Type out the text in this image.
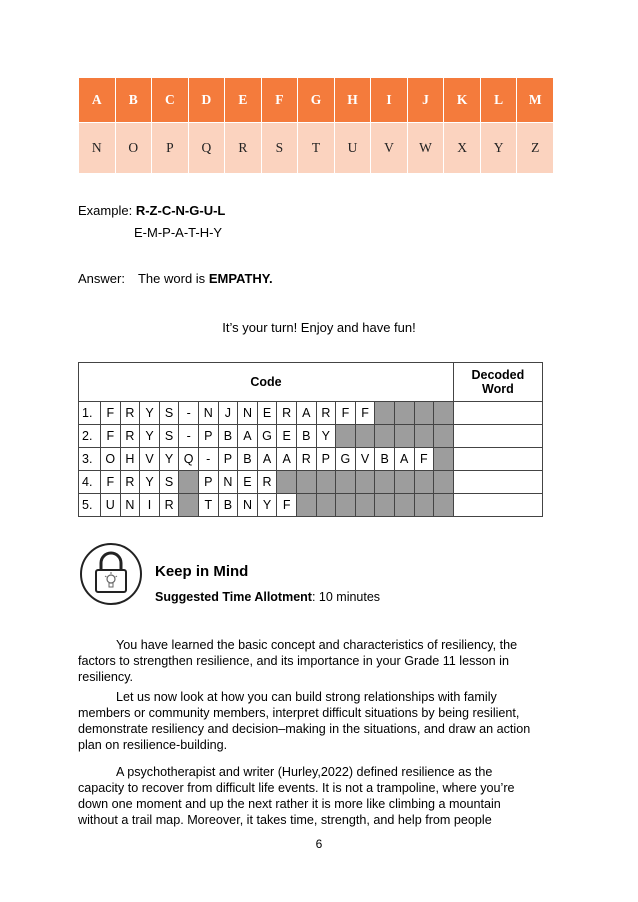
A	B	C	D	E	F	G	H	I	J	K	L	M
N	O	P	Q	R	S	T	U	V	W	X	Y	Z
Example: R-Z-C-N-G-U-L
E-M-P-A-T-H-Y
Answer: The word is EMPATHY.
It’s your turn! Enjoy and have fun!
Code																			Decoded
Word
1.	F	R	Y	S	-	N	J	N	E	R	A	R	F	F					
2.	F	R	Y	S	-	P	B	A	G	E	B	Y							
3.	O	H	V	Y	Q	-	P	B	A	A	R	P	G	V	B	A	F		
4.	F	R	Y	S		P	N	E	R										
5.	U	N	I	R		T	B	N	Y	F									
Keep in Mind
Suggested Time Allotment: 10 minutes

You have learned the basic concept and characteristics of resiliency, the
factors to strengthen resilience, and its importance in your Grade 11 lesson in
resiliency.

Let us now look at how you can build strong relationships with family
members or community members, interpret difficult situations by being resilient,
demonstrate resiliency and decision–making in the situations, and draw an action
plan on resilience-building.

A psychotherapist and writer (Hurley,2022) defined resilience as the
capacity to recover from difficult life events. It is not a trampoline, where you’re
down one moment and up the next rather it is more like climbing a mountain
without a trail map. Moreover, it takes time, strength, and help from people

6
